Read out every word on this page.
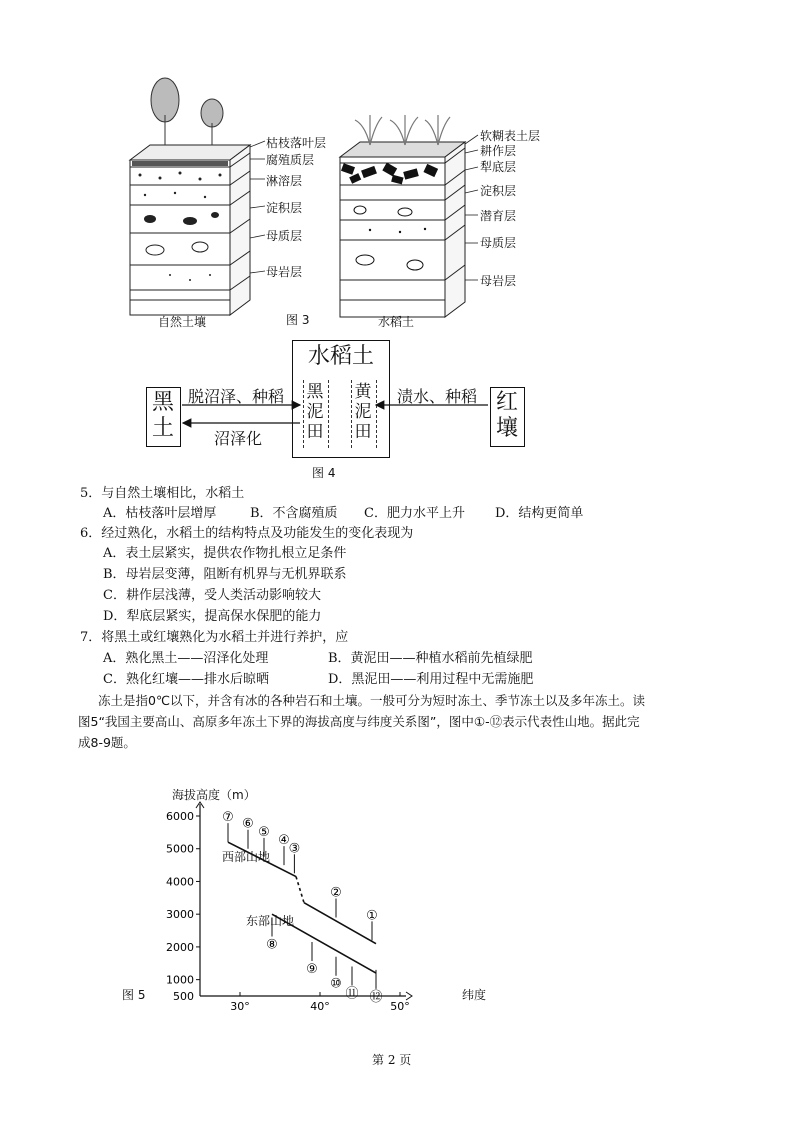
枯枝落叶层
腐殖质层
淋溶层
淀积层
母质层
母岩层
软糊表土层
耕作层
犁底层
淀积层
潜育层
母质层
母岩层
自然土壤	图 3	水稻土
水稻土
黑土
红壤
黑泥田
黄泥田
脱沼泽、种稻
沼泽化
渍水、种稻
图 4
5．与自然土壤相比，水稻土
A．枯枝落叶层增厚	B．不含腐殖质 C．肥力水平上升 D．结构更简单
6．经过熟化，水稻土的结构特点及功能发生的变化表现为
A．表土层紧实，提供农作物扎根立足条件
B．母岩层变薄，阻断有机界与无机界联系
C．耕作层浅薄，受人类活动影响较大
D．犁底层紧实，提高保水保肥的能力
7．将黑土或红壤熟化为水稻土并进行养护，应
A．熟化黑土——沼泽化处理	B．黄泥田——种植水稻前先植绿肥
C．熟化红壤——排水后晾晒	D．黑泥田——利用过程中无需施肥
冻土是指0℃以下，并含有冰的各种岩石和土壤。一般可分为短时冻土、季节冻土以及多年冻土。读
图5“我国主要高山、高原多年冻土下界的海拔高度与纬度关系图”，图中①-⑫表示代表性山地。据此完
成8-9题。
海拔高度（m）
纬度
图 5
西部山地
东部山地
6000
5000
4000
3000
2000
1000
500
30°	40°	50°
⑦ ⑥
⑤
④
③
②
①
⑧
⑨
⑩
⑪ ⑫
第 2 页
